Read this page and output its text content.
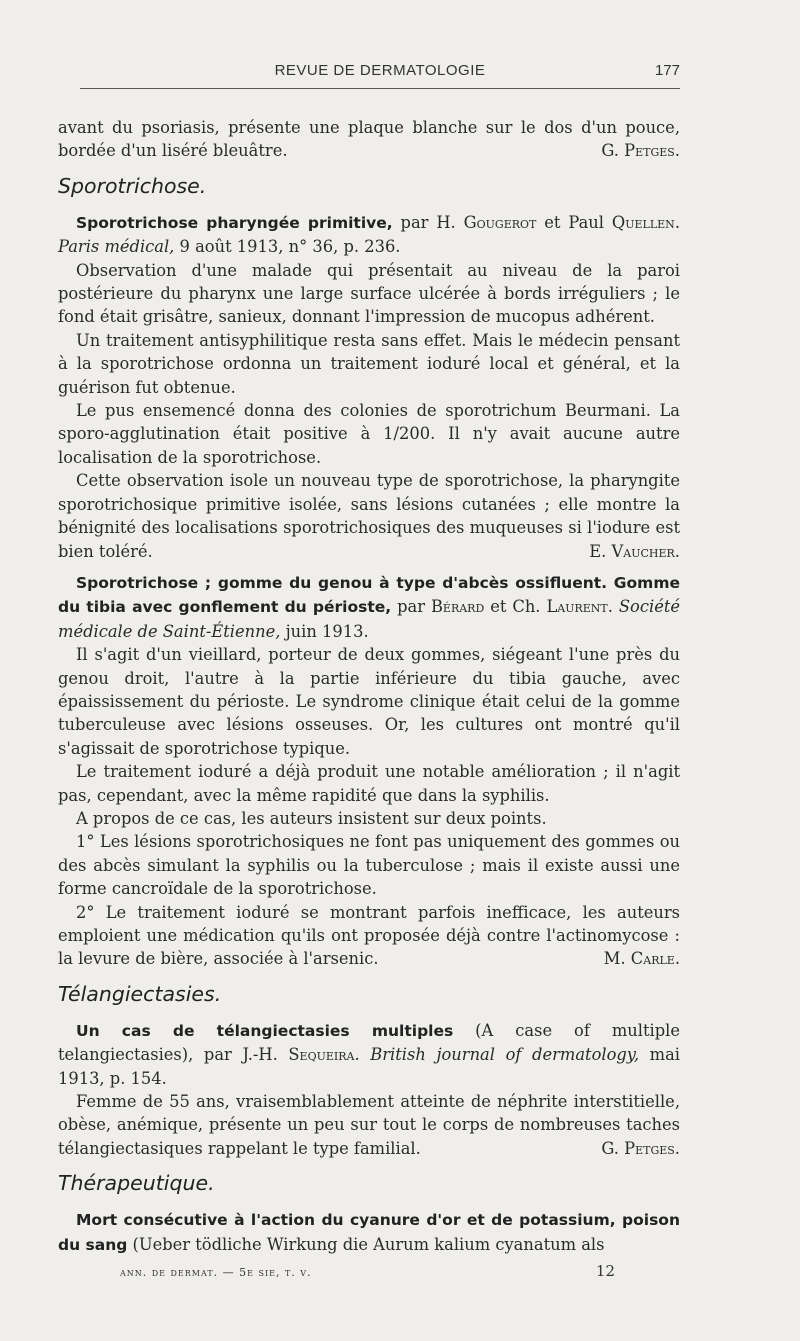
REVUE DE DERMATOLOGIE	177

avant du psoriasis, présente une plaque blanche sur le dos d'un pouce, bordée d'un liséré bleuâtre.	G. Petges.

Sporotrichose.

Sporotrichose pharyngée primitive, par H. Gougerot et Paul Quellen. Paris médical, 9 août 1913, n° 36, p. 236.

Observation d'une malade qui présentait au niveau de la paroi postérieure du pharynx une large surface ulcérée à bords irréguliers ; le fond était grisâtre, sanieux, donnant l'impression de mucopus adhérent.

Un traitement antisyphilitique resta sans effet. Mais le médecin pensant à la sporotrichose ordonna un traitement ioduré local et général, et la guérison fut obtenue.

Le pus ensemencé donna des colonies de sporotrichum Beurmani. La sporo-agglutination était positive à 1/200. Il n'y avait aucune autre localisation de la sporotrichose.

Cette observation isole un nouveau type de sporotrichose, la pharyngite sporotrichosique primitive isolée, sans lésions cutanées ; elle montre la bénignité des localisations sporotrichosiques des muqueuses si l'iodure est bien toléré.	E. Vaucher.

Sporotrichose ; gomme du genou à type d'abcès ossifluent. Gomme du tibia avec gonflement du périoste, par Bérard et Ch. Laurent. Société médicale de Saint-Étienne, juin 1913.

Il s'agit d'un vieillard, porteur de deux gommes, siégeant l'une près du genou droit, l'autre à la partie inférieure du tibia gauche, avec épaississement du périoste. Le syndrome clinique était celui de la gomme tuberculeuse avec lésions osseuses. Or, les cultures ont montré qu'il s'agissait de sporotrichose typique.

Le traitement ioduré a déjà produit une notable amélioration ; il n'agit pas, cependant, avec la même rapidité que dans la syphilis.

A propos de ce cas, les auteurs insistent sur deux points.

1° Les lésions sporotrichosiques ne font pas uniquement des gommes ou des abcès simulant la syphilis ou la tuberculose ; mais il existe aussi une forme cancroïdale de la sporotrichose.

2° Le traitement ioduré se montrant parfois inefficace, les auteurs emploient une médication qu'ils ont proposée déjà contre l'actinomycose : la levure de bière, associée à l'arsenic.	M. Carle.

Télangiectasies.

Un cas de télangiectasies multiples (A case of multiple telangiectasies), par J.-H. Sequeira. British journal of dermatology, mai 1913, p. 154.

Femme de 55 ans, vraisemblablement atteinte de néphrite interstitielle, obèse, anémique, présente un peu sur tout le corps de nombreuses taches télangiectasiques rappelant le type familial.	G. Petges.

Thérapeutique.

Mort consécutive à l'action du cyanure d'or et de potassium, poison du sang (Ueber tödliche Wirkung die Aurum kalium cyanatum als

ann. de dermat. — 5e sie, t. v.	12
